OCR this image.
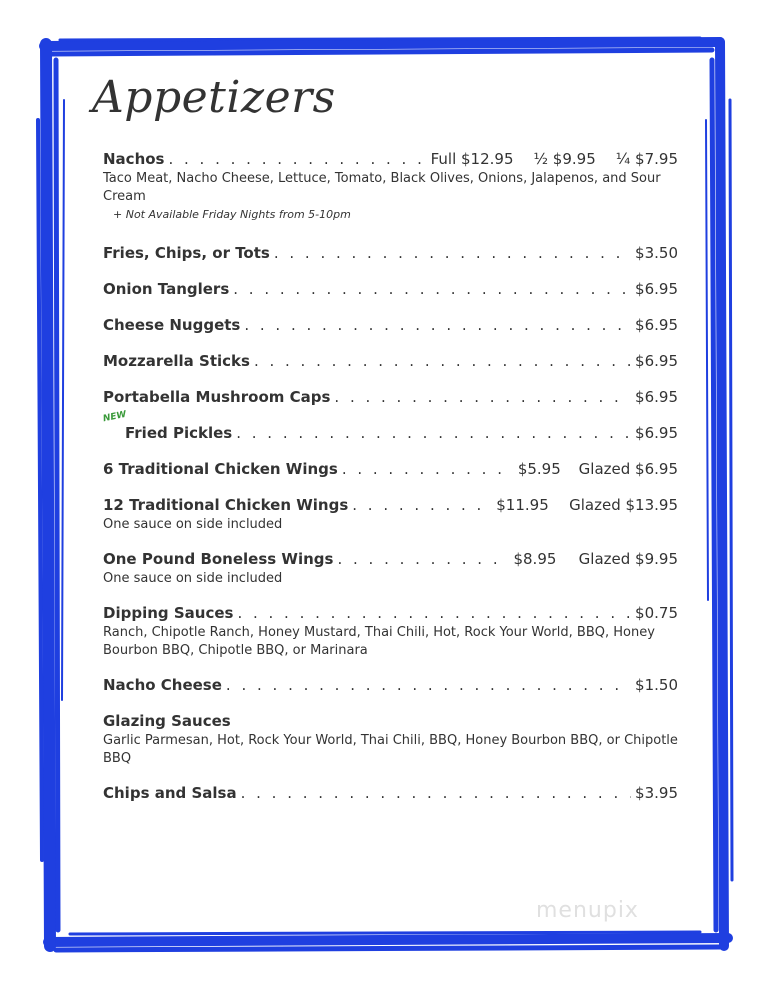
Appetizers
Nachos . . .	Full $12.95 ½ $9.95 ¼ $7.95
Taco Meat, Nacho Cheese, Lettuce, Tomato, Black Olives, Onions, Jalapenos, and Sour Cream
+ Not Available Friday Nights from 5-10pm
Fries, Chips, or Tots . . .	$3.50
Onion Tanglers . . .	$6.95
Cheese Nuggets . . .	$6.95
Mozzarella Sticks . . .	$6.95
Portabella Mushroom Caps . . .	$6.95
NEW
Fried Pickles . . .	$6.95
6 Traditional Chicken Wings . . .	$5.95 Glazed $6.95
12 Traditional Chicken Wings . . .	$11.95 Glazed $13.95
One sauce on side included
One Pound Boneless Wings . . .	$8.95 Glazed $9.95
One sauce on side included
Dipping Sauces . . .	$0.75
Ranch, Chipotle Ranch, Honey Mustard, Thai Chili, Hot, Rock Your World, BBQ, Honey Bourbon BBQ, Chipotle BBQ, or Marinara
Nacho Cheese . . .	$1.50
Glazing Sauces
Garlic Parmesan, Hot, Rock Your World, Thai Chili, BBQ, Honey Bourbon BBQ, or Chipotle BBQ
Chips and Salsa . . .	$3.95
menupix
